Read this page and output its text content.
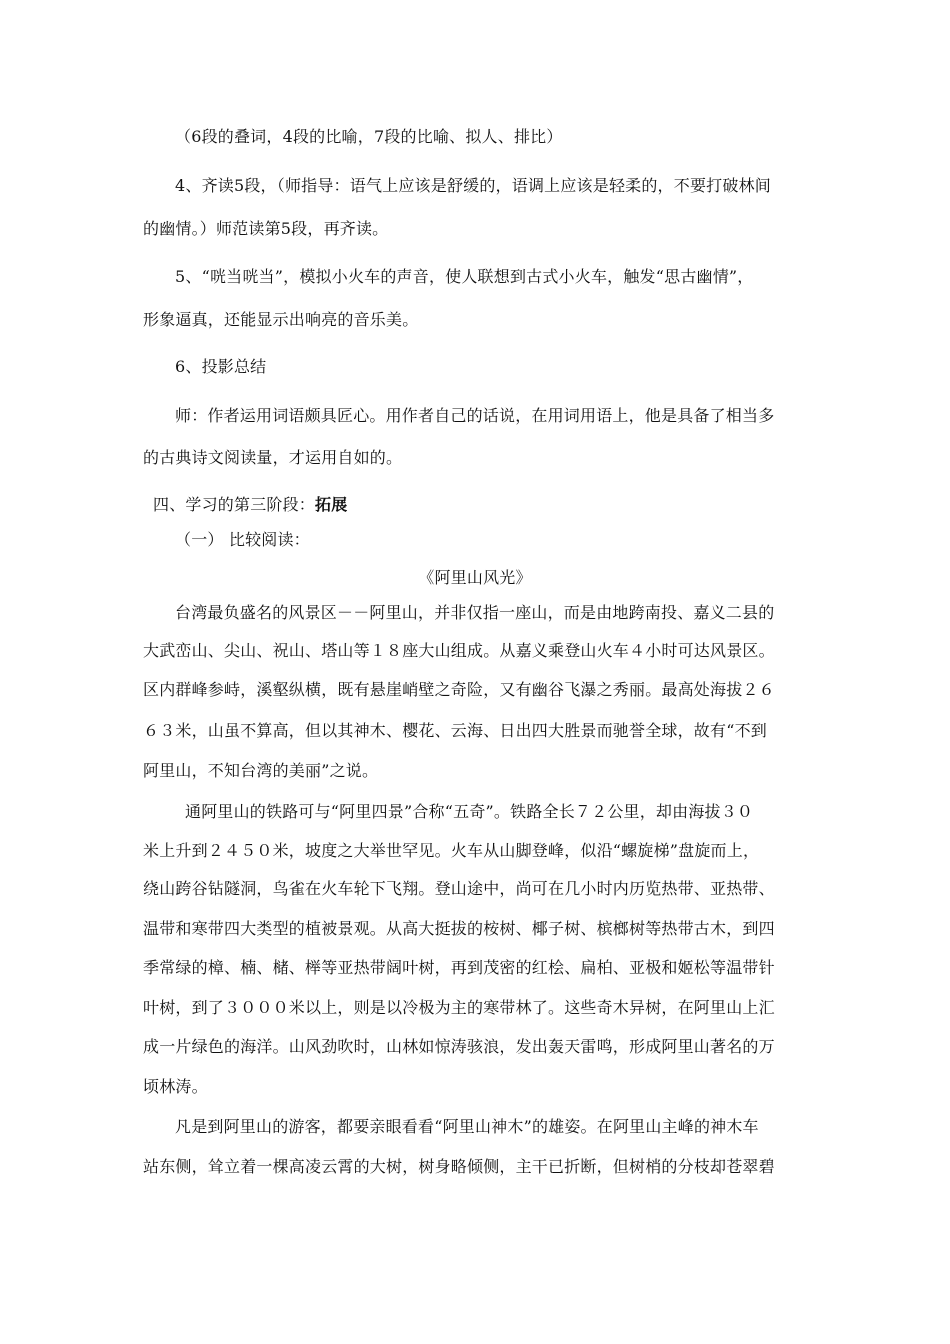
（6段的叠词，4段的比喻，7段的比喻、拟人、排比）
4、齐读5段，（师指导：语气上应该是舒缓的，语调上应该是轻柔的，不要打破林间
的幽情。）师范读第5段，再齐读。
5、“咣当咣当”，模拟小火车的声音，使人联想到古式小火车，触发“思古幽情”，
形象逼真，还能显示出响亮的音乐美。
6、投影总结
师：作者运用词语颇具匠心。用作者自己的话说，在用词用语上，他是具备了相当多
的古典诗文阅读量，才运用自如的。
四、学习的第三阶段：拓展
（一） 比较阅读：
《阿里山风光》
台湾最负盛名的风景区－－阿里山，并非仅指一座山，而是由地跨南投、嘉义二县的
大武峦山、尖山、祝山、塔山等１８座大山组成。从嘉义乘登山火车４小时可达风景区。
区内群峰参峙，溪壑纵横，既有悬崖峭壁之奇险，又有幽谷飞瀑之秀丽。最高处海拔２６
６３米，山虽不算高，但以其神木、樱花、云海、日出四大胜景而驰誉全球，故有“不到
阿里山，不知台湾的美丽”之说。
通阿里山的铁路可与“阿里四景”合称“五奇”。铁路全长７２公里，却由海拔３０
米上升到２４５０米，坡度之大举世罕见。火车从山脚登峰，似沿“螺旋梯”盘旋而上，
绕山跨谷钻隧洞，鸟雀在火车轮下飞翔。登山途中，尚可在几小时内历览热带、亚热带、
温带和寒带四大类型的植被景观。从高大挺拔的桉树、椰子树、槟榔树等热带古木，到四
季常绿的樟、楠、槠、榉等亚热带阔叶树，再到茂密的红桧、扁柏、亚极和姬松等温带针
叶树，到了３０００米以上，则是以冷极为主的寒带林了。这些奇木异树，在阿里山上汇
成一片绿色的海洋。山风劲吹时，山林如惊涛骇浪，发出轰天雷鸣，形成阿里山著名的万
顷林涛。
凡是到阿里山的游客，都要亲眼看看“阿里山神木”的雄姿。在阿里山主峰的神木车
站东侧，耸立着一棵高凌云霄的大树，树身略倾侧，主干已折断，但树梢的分枝却苍翠碧
